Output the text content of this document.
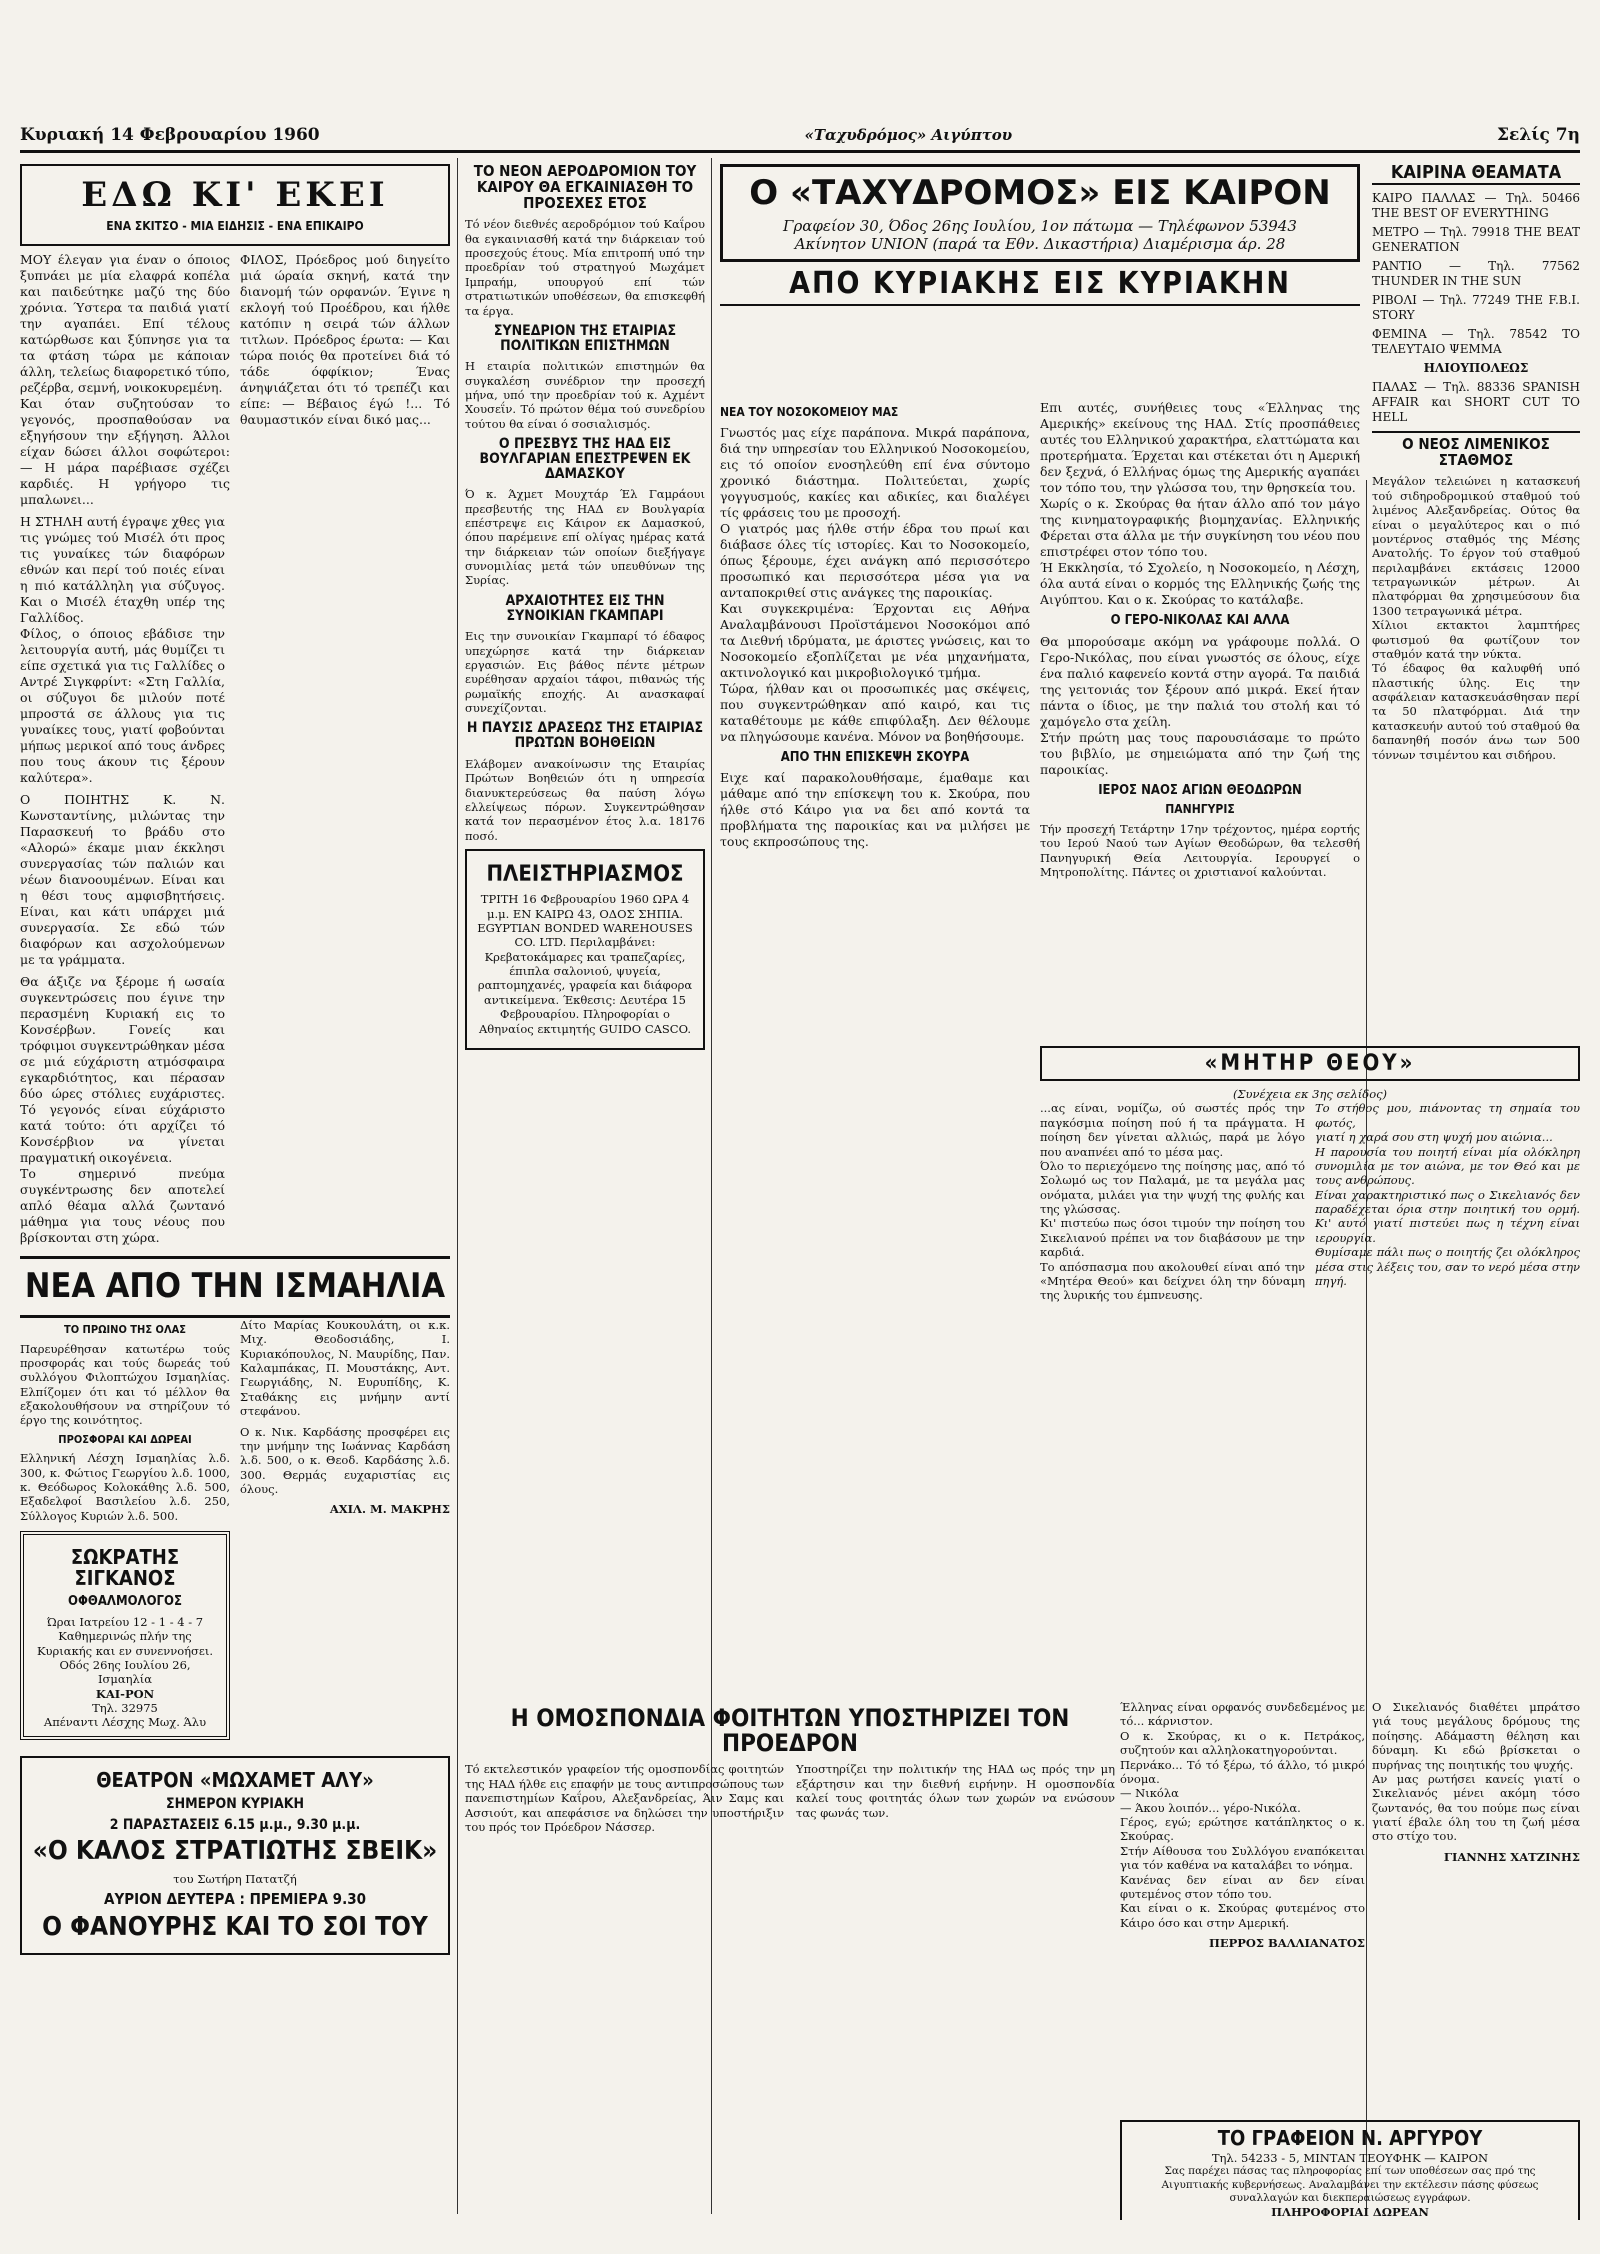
Κυριακή 14 Φεβρουαρίου 1960	«Ταχυδρόμος» Αιγύπτου	Σελίς 7η
ΕΔΩ ΚΙ' ΕΚΕΙ
ΕΝΑ ΣΚΙΤΣΟ - ΜΙΑ ΕΙΔΗΣΙΣ - ΕΝΑ ΕΠΙΚΑΙΡΟ

ΜΟΥ έλεγαν για έναν ο όποιος ξυπνάει με μία ελαφρά κοπέλα και παιδεύτηκε μαζύ της δύο χρόνια. Ύστερα τα παιδιά γιατί την αγαπάει. Επί τέλους κατώρθωσε και ξύπνησε για τα τα φτάση τώρα με κάποιαν άλλη, τελείως διαφορετικό τύπο, ρεζέρβα, σεμνή, νοικοκυρεμένη.
Και όταν συζητούσαν το γεγονός, προσπαθούσαν να εξηγήσουν την εξήγηση. Άλλοι είχαν δώσει άλλοι σοφώτεροι: — Η μάρα παρέβιασε σχέζει καρδιές. Η γρήγορο τις μπαλωνει...

ΦΙΛΟΣ, Πρόεδρος μού διηγείτο μιά ώραία σκηνή, κατά την διανομή τών ορφανών. Έγινε η εκλογή τού Προέδρου, και ήλθε κατόπιν η σειρά τών άλλων τιτλων. Πρόεδρος έρωτα: — Και τώρα ποιός θα προτείνει διά τό τάδε όφφίκιον; Ένας άνηψιάζεται ότι τό τρεπέζι και είπε: — Βέβαιος έγώ !... Τό θαυμαστικόν είναι δικό μας...

Η ΣΤΗΛΗ αυτή έγραψε χθες για τις γνώμες τού Μισέλ ότι προς τις γυναίκες τών διαφόρων εθνών και περί τού ποιές είναι η πιό κατάλληλη για σύζυγος. Και ο Μισέλ έταχθη υπέρ της Γαλλίδος.
Φίλος, ο όποιος εβάδισε την λειτουργία αυτή, μάς θυμίζει τι είπε σχετικά για τις Γαλλίδες ο Αντρέ Σιγκφρίντ: «Στη Γαλλία, οι σύζυγοι δε μιλούν ποτέ μπροστά σε άλλους για τις γυναίκες τους, γιατί φοβούνται μήπως μερικοί από τους άνδρες που τους άκουν τις ξέρουν καλύτερα».

Ο ΠΟΙΗΤΗΣ Κ. Ν. Κωνσταντίνης, μιλώντας την Παρασκευή το βράδυ στο «Αλορώ» έκαμε μιαν έκκλησι συνεργασίας τών παλιών και νέων διανοουμένων. Είναι και η θέσι τους αμφισβητήσεις. Είναι, και κάτι υπάρχει μιά συνεργασία. Σε εδώ τών διαφόρων και ασχολούμενων με τα γράμματα.

Θα άξιζε να ξέρομε ή ωσαία συγκεντρώσεις που έγινε την περασμένη Κυριακή εις το Κονσέρβων. Γονείς και τρόφιμοι συγκεντρώθηκαν μέσα σε μιά εύχάριστη ατμόσφαιρα εγκαρδιότητος, και πέρασαν δύο ώρες στόλιες ευχάριστες. Τό γεγονός είναι εύχάριστο κατά τούτο: ότι αρχίζει τό Κονσέρβιον να γίνεται πραγματική οικογένεια.
Το σημερινό πνεύμα συγκέντρωσης δεν αποτελεί απλό θέαμα αλλά ζωντανό μάθημα για τους νέους που βρίσκονται στη χώρα.

ΝΕΑ ΑΠΟ ΤΗΝ ΙΣΜΑΗΛΙΑ
ΤΟ ΠΡΩΙΝΟ ΤΗΣ ΟΛΑΣ

Παρευρέθησαν κατωτέρω τούς προσφοράς και τούς δωρεάς τού συλλόγου Φιλοπτώχου Ισμαηλίας. Ελπίζομεν ότι και τό μέλλον θα εξακολουθήσουν να στηρίζουν τό έργο της κοινότητος.

ΠΡΟΣΦΟΡΑΙ ΚΑΙ ΔΩΡΕΑΙ

Ελληνική Λέσχη Ισμαηλίας λ.δ. 300, κ. Φώτιος Γεωργίου λ.δ. 1000, κ. Θεόδωρος Κολοκάθης λ.δ. 500, Εξαδελφοί Βασιλείου λ.δ. 250, Σύλλογος Κυριών λ.δ. 500.

ΣΩΚΡΑΤΗΣ ΣΙΓΚΑΝΟΣ
ΟΦΘΑΛΜΟΛΟΓΟΣ
Ώραι Ιατρείου 12 - 1 - 4 - 7
Καθημερινώς πλήν της Κυριακής και εν συνεννοήσει.
Οδός 26ης Ιουλίου 26, Ισμαηλία
ΚΑΙ-ΡΟΝ
Τηλ. 32975
Απέναντι Λέσχης Μωχ. Άλυ

Δίτο Μαρίας Κουκουλάτη, οι κ.κ. Μιχ. Θεοδοσιάδης, Ι. Κυριακόπουλος, Ν. Μαυρίδης, Παν. Καλαμπάκας, Π. Μουστάκης, Αντ. Γεωργιάδης, Ν. Ευρυπίδης, Κ. Σταθάκης εις μνήμην αντί στεφάνου.

Ο κ. Νικ. Καρδάσης προσφέρει εις την μνήμην της Ιωάννας Καρδάση λ.δ. 500, ο κ. Θεοδ. Καρδάσης λ.δ. 300. Θερμάς ευχαριστίας εις όλους.

ΑΧΙΛ. Μ. ΜΑΚΡΗΣ
ΘΕΑΤΡΟΝ «ΜΩΧΑΜΕΤ ΑΛΥ»
ΣΗΜΕΡΟΝ ΚΥΡΙΑΚΗ
2 ΠΑΡΑΣΤΑΣΕΙΣ 6.15 μ.μ., 9.30 μ.μ.
«Ο ΚΑΛΟΣ ΣΤΡΑΤΙΩΤΗΣ ΣΒΕΙΚ»
του Σωτήρη Πατατζή
ΑΥΡΙΟΝ ΔΕΥΤΕΡΑ : ΠΡΕΜΙΕΡΑ 9.30
Ο ΦΑΝΟΥΡΗΣ ΚΑΙ ΤΟ ΣΟΙ ΤΟΥ
ΤΟ ΝΕΟΝ ΑΕΡΟΔΡΟΜΙΟΝ ΤΟΥ ΚΑΙΡΟΥ ΘΑ ΕΓΚΑΙΝΙΑΣΘΗ ΤΟ ΠΡΟΣΕΧΕΣ ΕΤΟΣ

Τό νέον διεθνές αεροδρόμιον τού Καΐρου θα εγκαινιασθή κατά την διάρκειαν τού προσεχούς έτους. Μία επιτροπή υπό την προεδρίαν τού στρατηγού Μωχάμετ Ιμπραήμ, υπουργού επί τών στρατιωτικών υποθέσεων, θα επισκεφθή τα έργα.

ΣΥΝΕΔΡΙΟΝ ΤΗΣ ΕΤΑΙΡΙΑΣ ΠΟΛΙΤΙΚΩΝ ΕΠΙΣΤΗΜΩΝ

Η εταιρία πολιτικών επιστημών θα συγκαλέση συνέδριον την προσεχή μήνα, υπό την προεδρίαν τού κ. Αχμέντ Χουσεΐν. Τό πρώτον θέμα τού συνεδρίου τούτου θα είναι ό σοσιαλισμός.

Ο ΠΡΕΣΒΥΣ ΤΗΣ ΗΑΔ ΕΙΣ ΒΟΥΛΓΑΡΙΑΝ ΕΠΕΣΤΡΕΨΕΝ ΕΚ ΔΑΜΑΣΚΟΥ

Ό κ. Άχμετ Μουχτάρ Έλ Γαμράουι πρεσβευτής της ΗΑΔ εν Βουλγαρία επέστρεψε εις Κάιρον εκ Δαμασκού, όπου παρέμεινε επί ολίγας ημέρας κατά την διάρκειαν τών οποίων διεξήγαγε συνομιλίας μετά τών υπευθύνων της Συρίας.

ΑΡΧΑΙΟΤΗΤΕΣ ΕΙΣ ΤΗΝ ΣΥΝΟΙΚΙΑΝ ΓΚΑΜΠΑΡΙ

Εις την συνοικίαν Γκαμπαρί τό έδαφος υπεχώρησε κατά την διάρκειαν εργασιών. Εις βάθος πέντε μέτρων ευρέθησαν αρχαίοι τάφοι, πιθανώς τής ρωμαϊκής εποχής. Αι ανασκαφαί συνεχίζονται.

Η ΠΑΥΣΙΣ ΔΡΑΣΕΩΣ ΤΗΣ ΕΤΑΙΡΙΑΣ ΠΡΩΤΩΝ ΒΟΗΘΕΙΩΝ

Ελάβομεν ανακοίνωσιν της Εταιρίας Πρώτων Βοηθειών ότι η υπηρεσία διανυκτερεύσεως θα παύση λόγω ελλείψεως πόρων. Συγκεντρώθησαν κατά τον περασμένον έτος λ.α. 18176 ποσό.

ΠΛΕΙΣΤΗΡΙΑΣΜΟΣ

ΤΡΙΤΗ 16 Φεβρουαρίου 1960 ΩΡΑ 4 μ.μ. ΕΝ ΚΑΙΡΩ 43, ΟΔΟΣ ΣΗΠΙΑ. EGYPTIAN BONDED WAREHOUSES CO. LTD. Περιλαμβάνει: Κρεβατοκάμαρες και τραπεζαρίες, έπιπλα σαλονιού, ψυγεία, ραπτομηχανές, γραφεία και διάφορα αντικείμενα. Έκθεσις: Δευτέρα 15 Φεβρουαρίου. Πληροφορίαι ο Αθηναίος εκτιμητής GUIDO CASCO.

Η ΟΜΟΣΠΟΝΔΙΑ ΦΟΙΤΗΤΩΝ ΥΠΟΣΤΗΡΙΖΕΙ ΤΟΝ ΠΡΟΕΔΡΟΝ

Τό εκτελεστικόν γραφείον τής ομοσπονδίας φοιτητών της ΗΑΔ ήλθε εις επαφήν με τους αντιπροσώπους των πανεπιστημίων Καΐρου, Αλεξανδρείας, Άιν Σαμς και Ασσιούτ, και απεφάσισε να δηλώσει την υποστήριξιν του πρός τον Πρόεδρον Νάσσερ.

Υποστηρίζει την πολιτικήν της ΗΑΔ ως πρός την μη εξάρτησιν και την διεθνή ειρήνην. Η ομοσπονδία καλεί τους φοιτητάς όλων των χωρών να ενώσουν τας φωνάς των.

Ο «ΤΑΧΥΔΡΟΜΟΣ» ΕΙΣ ΚΑΙΡΟΝ
Γραφείον 30, Όδος 26ης Ιουλίου, 1ον πάτωμα — Τηλέφωνον 53943
Ακίνητον UNION (παρά τα Εθν. Δικαστήρια) Διαμέρισμα άρ. 28
ΑΠΟ ΚΥΡΙΑΚΗΣ ΕΙΣ ΚΥΡΙΑΚΗΝ
ΝΕΑ ΤΟΥ ΝΟΣΟΚΟΜΕΙΟΥ ΜΑΣ

Γνωστός μας είχε παράπονα. Μικρά παράπονα, διά την υπηρεσίαν του Ελληνικού Νοσοκομείου, εις τό οποίον ενοσηλεύθη επί ένα σύντομο χρονικό διάστημα. Πολιτεύεται, χωρίς γογγυσμούς, κακίες και αδικίες, και διαλέγει τίς φράσεις του με προσοχή.
Ο γιατρός μας ήλθε στήν έδρα του πρωί και διάβασε όλες τίς ιστορίες. Και το Νοσοκομείο, όπως ξέρουμε, έχει ανάγκη από περισσότερο προσωπικό και περισσότερα μέσα για να ανταποκριθεί στις ανάγκες της παροικίας.
Και συγκεκριμένα: Έρχονται εις Αθήνα Αναλαμβάνουσι Προϊστάμενοι Νοσοκόμοι από τα Διεθνή ιδρύματα, με άριστες γνώσεις, και το Νοσοκομείο εξοπλίζεται με νέα μηχανήματα, ακτινολογικό και μικροβιολογικό τμήμα.
Τώρα, ήλθαν και οι προσωπικές μας σκέψεις, που συγκεντρώθηκαν από καιρό, και τις καταθέτουμε με κάθε επιφύλαξη. Δεν θέλουμε να πληγώσουμε κανένα. Μόνον να βοηθήσουμε.

ΑΠΟ ΤΗΝ ΕΠΙΣΚΕΨΗ ΣΚΟΥΡΑ

Ειχε καί παρακολουθήσαμε, έμαθαμε και μάθαμε από την επίσκεψη του κ. Σκούρα, που ήλθε στό Κάιρο για να δει από κοντά τα προβλήματα της παροικίας και να μιλήσει με τους εκπροσώπους της.

Επι αυτές, συνήθειες τους «Έλληνας της Αμερικής» εκείνους της ΗΑΔ. Στίς προσπάθειες αυτές του Ελληνικού χαρακτήρα, ελαττώματα και προτερήματα. Έρχεται και στέκεται ότι η Αμερική δεν ξεχνά, ό Ελλήνας όμως της Αμερικής αγαπάει τον τόπο του, την γλώσσα του, την θρησκεία του.
Χωρίς ο κ. Σκούρας θα ήταν άλλο από τον μάγο της κινηματογραφικής βιομηχανίας. Ελληνικής Φέρεται στα άλλα με τήν συγκίνηση του νέου που επιστρέφει στον τόπο του.
Ή Εκκλησία, τό Σχολείο, η Νοσοκομείο, η Λέσχη, όλα αυτά είναι ο κορμός της Ελληνικής ζωής της Αιγύπτου. Και ο κ. Σκούρας το κατάλαβε.

Ο ΓΕΡΟ-ΝΙΚΟΛΑΣ ΚΑΙ ΑΛΛΑ

Θα μπορούσαμε ακόμη να γράφουμε πολλά. Ο Γερο-Νικόλας, που είναι γνωστός σε όλους, είχε ένα παλιό καφενείο κοντά στην αγορά. Τα παιδιά της γειτονιάς τον ξέρουν από μικρά. Εκεί ήταν πάντα ο ίδιος, με την παλιά του στολή και τό χαμόγελο στα χείλη.
Στήν πρώτη μας τους παρουσιάσαμε το πρώτο του βιβλίο, με σημειώματα από την ζωή της παροικίας.

ΙΕΡΟΣ ΝΑΟΣ ΑΓΙΩΝ ΘΕΟΔΩΡΩΝ
ΠΑΝΗΓΥΡΙΣ

Τήν προσεχή Τετάρτην 17ην τρέχοντος, ημέρα εορτής του Ιερού Ναού των Αγίων Θεοδώρων, θα τελεσθή Πανηγυρική Θεία Λειτουργία. Ιερουργεί ο Μητροπολίτης. Πάντες οι χριστιανοί καλούνται.

ΚΑΙΡΙΝΑ ΘΕΑΜΑΤΑ
ΚΑΙΡΟ ΠΑΛΛΑΣ — Τηλ. 50466 THE BEST OF EVERYTHING
ΜΕΤΡΟ — Τηλ. 79918 THE BEAT GENERATION
ΡΑΝΤΙΟ — Τηλ. 77562 THUNDER IN THE SUN
ΡΙΒΟΛΙ — Τηλ. 77249 THE F.B.I. STORY
ΦΕΜΙΝΑ — Τηλ. 78542 ΤΟ ΤΕΛΕΥΤΑΙΟ ΨΕΜΜΑ
ΗΛΙΟΥΠΟΛΕΩΣ
ΠΑΛΑΣ — Τηλ. 88336 SPANISH AFFAIR και SHORT CUT TO HELL
Ο ΝΕΟΣ ΛΙΜΕΝΙΚΟΣ ΣΤΑΘΜΟΣ

Μεγάλον τελειώνει η κατασκευή τού σιδηροδρομικού σταθμού τού λιμένος Αλεξανδρείας. Ούτος θα είναι ο μεγαλύτερος και ο πιό μοντέρνος σταθμός της Μέσης Ανατολής. Το έργον τού σταθμού περιλαμβάνει εκτάσεις 12000 τετραγωνικών μέτρων. Αι πλατφόρμαι θα χρησιμεύσουν δια 1300 τετραγωνικά μέτρα.
Χίλιοι εκτακτοι λαμπτήρες φωτισμού θα φωτίζουν τον σταθμόν κατά την νύκτα.
Τό έδαφος θα καλυφθή υπό πλαστικής ύλης. Εις την ασφάλειαν κατασκευάσθησαν περί τα 50 πλατφόρμαι. Διά την κατασκευήν αυτού τού σταθμού θα δαπανηθή ποσόν άνω των 500 τόννων τσιμέντου και σιδήρου.

«ΜΗΤΗΡ ΘΕΟΥ»
(Συνέχεια εκ 3ης σελίδος)

...ας είναι, νομίζω, ού σωστές πρός την παγκόσμια ποίηση πού ή τα πράγματα. Η ποίηση δεν γίνεται αλλιώς, παρά με λόγο που αναπνέει από το μέσα μας.
Όλο το περιεχόμενο της ποίησης μας, από τό Σολωμό ως τον Παλαμά, με τα μεγάλα μας ονόματα, μιλάει για την ψυχή της φυλής και της γλώσσας.
Κι' πιστεύω πως όσοι τιμούν την ποίηση του Σικελιανού πρέπει να τον διαβάσουν με την καρδιά.
Το απόσπασμα που ακολουθεί είναι από την «Μητέρα Θεού» και δείχνει όλη την δύναμη της λυρικής του έμπνευσης.

Το στήθος μου, πιάνοντας τη σημαία του φωτός,
γιατί η χαρά σου στη ψυχή μου αιώνια...
Η παρουσία του ποιητή είναι μία ολόκληρη συνομιλία με τον αιώνα, με τον Θεό και με τους ανθρώπους.
Είναι χαρακτηριστικό πως ο Σικελιανός δεν παραδέχεται όρια στην ποιητική του ορμή. Κι' αυτό γιατί πιστεύει πως η τέχνη είναι ιερουργία.
Θυμίσαμε πάλι πως ο ποιητής ζει ολόκληρος μέσα στις λέξεις του, σαν το νερό μέσα στην πηγή.

Ο Σικελιανός διαθέτει μπράτσο γιά τους μεγάλους δρόμους της ποίησης. Αδάμαστη θέληση και δύναμη. Κι εδώ βρίσκεται ο πυρήνας της ποιητικής του ψυχής.
Αν μας ρωτήσει κανείς γιατί ο Σικελιανός μένει ακόμη τόσο ζωντανός, θα του πούμε πως είναι γιατί έβαλε όλη του τη ζωή μέσα στο στίχο του.

ΓΙΑΝΝΗΣ ΧΑΤΖΙΝΗΣ

Έλληνας είναι ορφανός συνδεδεμένος με τό... κάρνιστον.
Ο κ. Σκούρας, κι ο κ. Πετράκος, συζητούν και αλληλοκατηγορούνται.
Περνάκο... Τό τό ξέρω, τό άλλο, τό μικρό όνομα.
— Νικόλα
— Άκου λοιπόν... γέρο-Νικόλα.
Γέρος, εγώ; ερώτησε κατάπληκτος ο κ. Σκούρας.
Στήν Αίθουσα του Συλλόγου εναπόκειται για τόν καθένα να καταλάβει το νόημα.
Κανένας δεν είναι αν δεν είναι φυτεμένος στον τόπο του.
Και είναι ο κ. Σκούρας φυτεμένος στο Κάιρο όσο και στην Αμερική.

ΠΕΡΡΟΣ ΒΑΛΛΙΑΝΑΤΟΣ
ΤΟ ΓΡΑΦΕΙΟΝ Ν. ΑΡΓΥΡΟΥ
Τηλ. 54233 - 5, ΜΙΝΤΑΝ ΤΕΟΥΦΗΚ — ΚΑΙΡΟΝ
Σας παρέχει πάσας τας πληροφορίας επί των υποθέσεων σας πρό της Αιγυπτιακής κυβερνήσεως. Αναλαμβάνει την εκτέλεσιν πάσης φύσεως συναλλαγών και διεκπεραιώσεως εγγράφων.
ΠΛΗΡΟΦΟΡΙΑΙ ΔΩΡΕΑΝ
